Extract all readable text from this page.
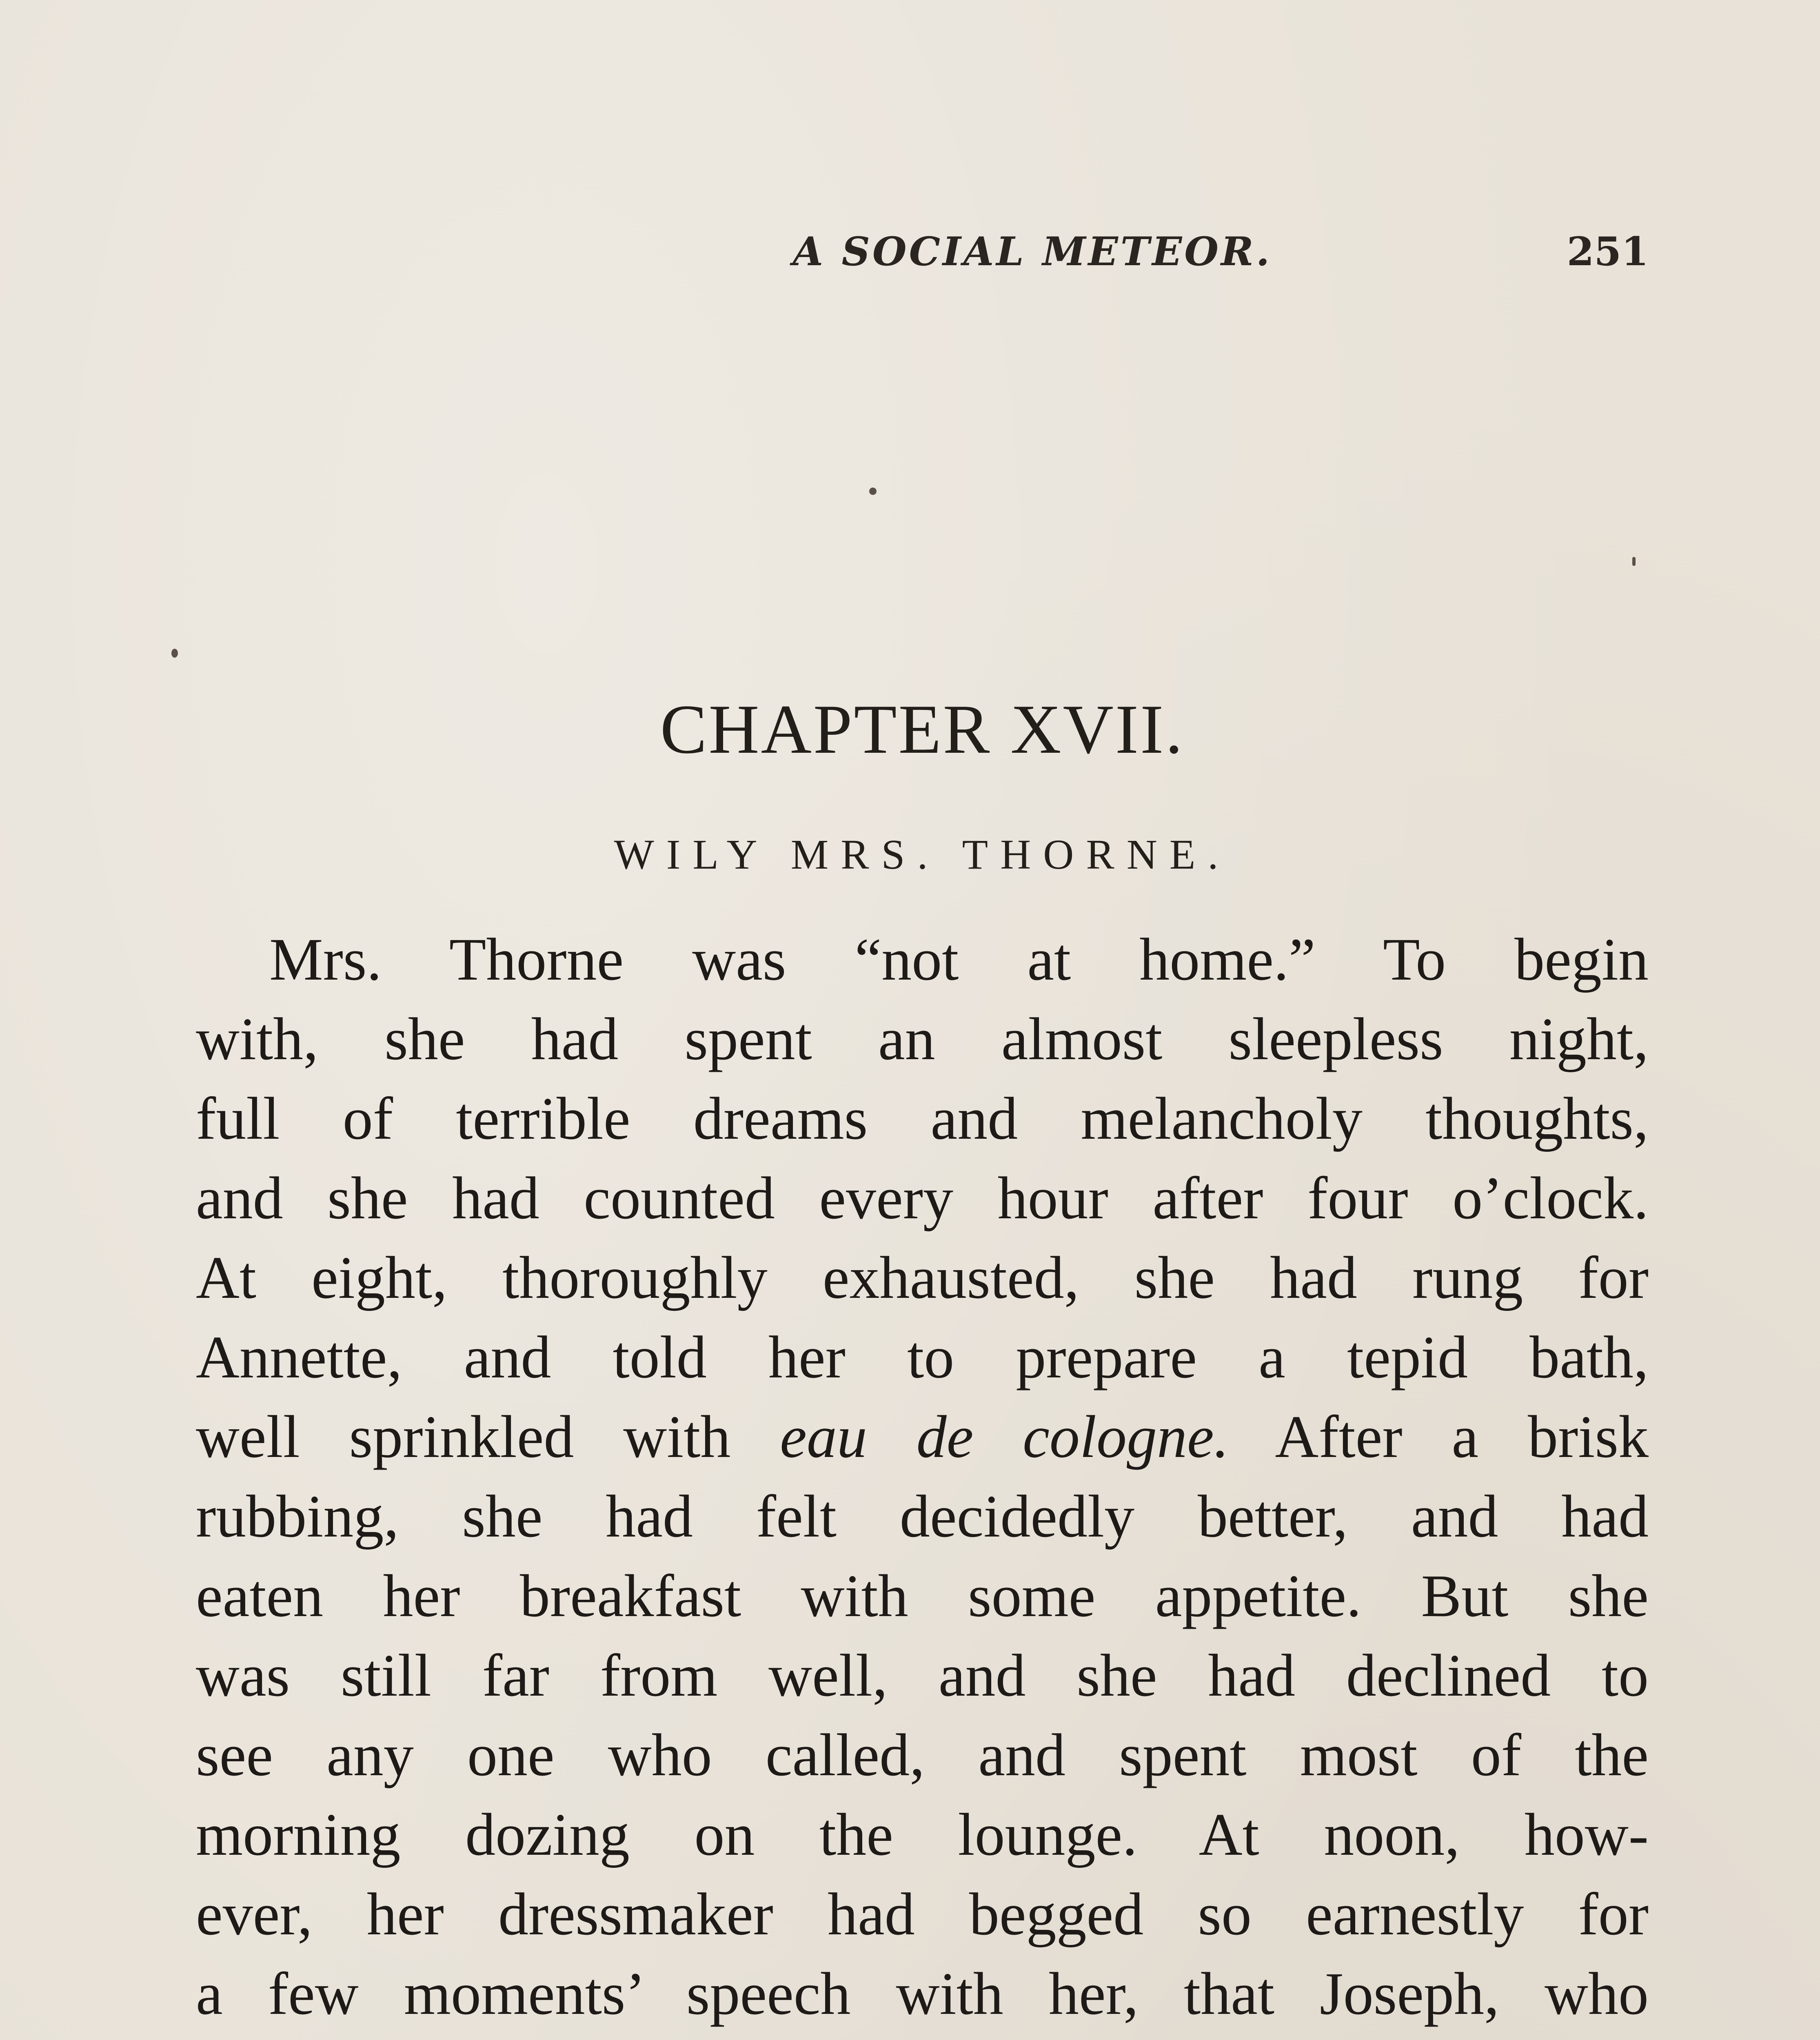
A SOCIAL METEOR.	251
CHAPTER XVII.
WILY MRS. THORNE.
Mrs. Thorne was “not at home.” To begin
with, she had spent an almost sleepless night,
full of terrible dreams and melancholy thoughts,
and she had counted every hour after four o’clock.
At eight, thoroughly exhausted, she had rung for
Annette, and told her to prepare a tepid bath,
well sprinkled with eau de cologne. After a brisk
rubbing, she had felt decidedly better, and had
eaten her breakfast with some appetite. But she
was still far from well, and she had declined to
see any one who called, and spent most of the
morning dozing on the lounge. At noon, how-
ever, her dressmaker had begged so earnestly for
a few moments’ speech with her, that Joseph, who
